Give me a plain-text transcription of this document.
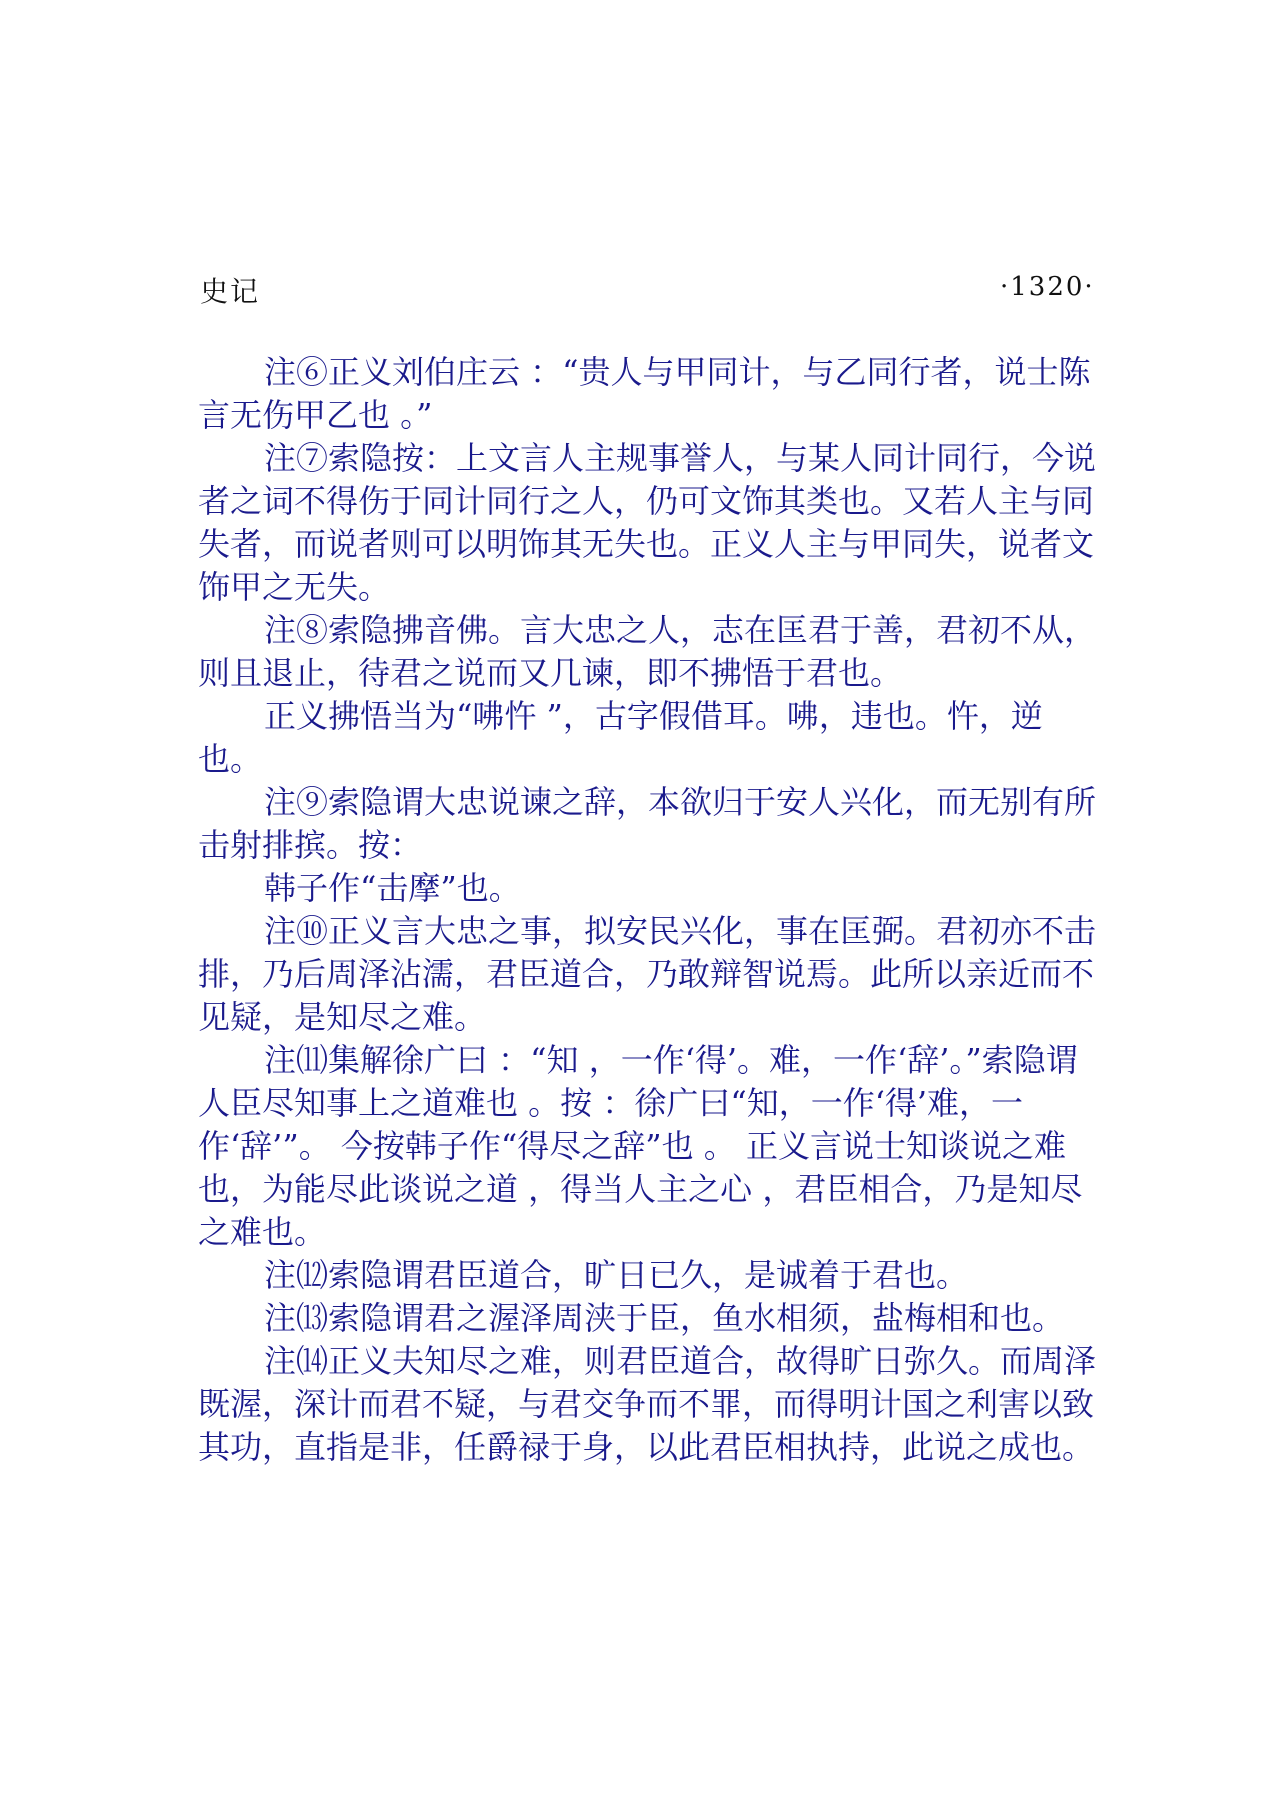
史记	·1320·

注⑥正义刘伯庄云 ：“贵人与甲同计，与乙同行者，说士陈言无伤甲乙也 。”

注⑦索隐按：上文言人主规事誉人，与某人同计同行，今说者之词不得伤于同计同行之人，仍可文饰其类也。又若人主与同失者，而说者则可以明饰其无失也。正义人主与甲同失，说者文饰甲之无失。

注⑧索隐拂音佛。言大忠之人，志在匡君于善，君初不从，则且退止，待君之说而又几谏，即不拂悟于君也。

正义拂悟当为“咈忤 ”，古字假借耳。咈，违也。忤，逆也。

注⑨索隐谓大忠说谏之辞，本欲归于安人兴化，而无别有所击射排摈。按：

韩子作“击摩”也。

注⑩正义言大忠之事，拟安民兴化，事在匡弼。君初亦不击排，乃后周泽沾濡，君臣道合，乃敢辩智说焉。此所以亲近而不见疑，是知尽之难。

注⑾集解徐广曰 ：“知 ，一作‘得’。难，一作‘辞’。”索隐谓人臣尽知事上之道难也 。按 ：徐广曰“知，一作‘得’难，一作‘辞’”。 今按韩子作“得尽之辞”也 。 正义言说士知谈说之难也，为能尽此谈说之道 ，得当人主之心 ，君臣相合，乃是知尽之难也。

注⑿索隐谓君臣道合，旷日已久，是诚着于君也。

注⒀索隐谓君之渥泽周浃于臣，鱼水相须，盐梅相和也。

注⒁正义夫知尽之难，则君臣道合，故得旷日弥久。而周泽既渥，深计而君不疑，与君交争而不罪，而得明计国之利害以致其功，直指是非，任爵禄于身，以此君臣相执持，此说之成也。
